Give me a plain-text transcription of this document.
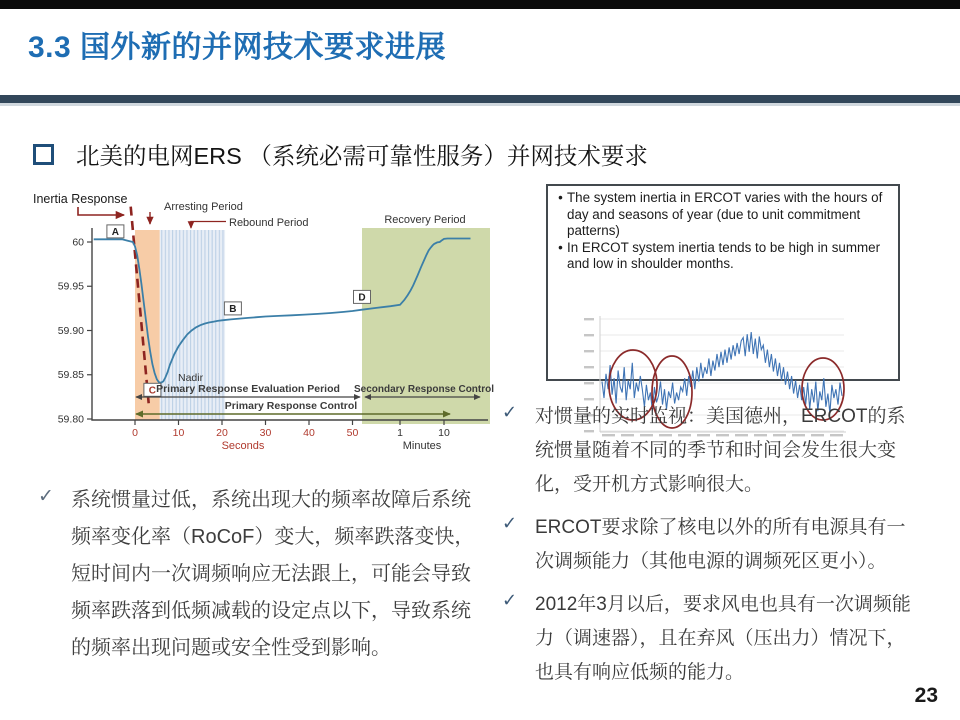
3.3 国外新的并网技术要求进展
北美的电网ERS （系统必需可靠性服务）并网技术要求
60
59.95
59.90
59.85
59.80
0	10	20	30	40	50	1	10
Seconds	Minutes
A
B
C
D
Inertia Response
Arresting Period
Rebound Period	Recovery Period
Nadir
Primary Response Evaluation Period Secondary Response Control
Primary Response Control
• The system inertia in ERCOT varies with the hours of day and seasons of year (due to unit commitment patterns)
• In ERCOT system inertia tends to be high in summer and low in shoulder months.
✓ 系统惯量过低，系统出现大的频率故障后系统频率变化率（RoCoF）变大，频率跌落变快，短时间内一次调频响应无法跟上，可能会导致频率跌落到低频减载的设定点以下，导致系统的频率出现问题或安全性受到影响。
✓ 对惯量的实时监视：美国德州，ERCOT的系统惯量随着不同的季节和时间会发生很大变化，受开机方式影响很大。
✓ ERCOT要求除了核电以外的所有电源具有一次调频能力（其他电源的调频死区更小）。
✓ 2012年3月以后，要求风电也具有一次调频能力（调速器），且在弃风（压出力）情况下，也具有响应低频的能力。
23
